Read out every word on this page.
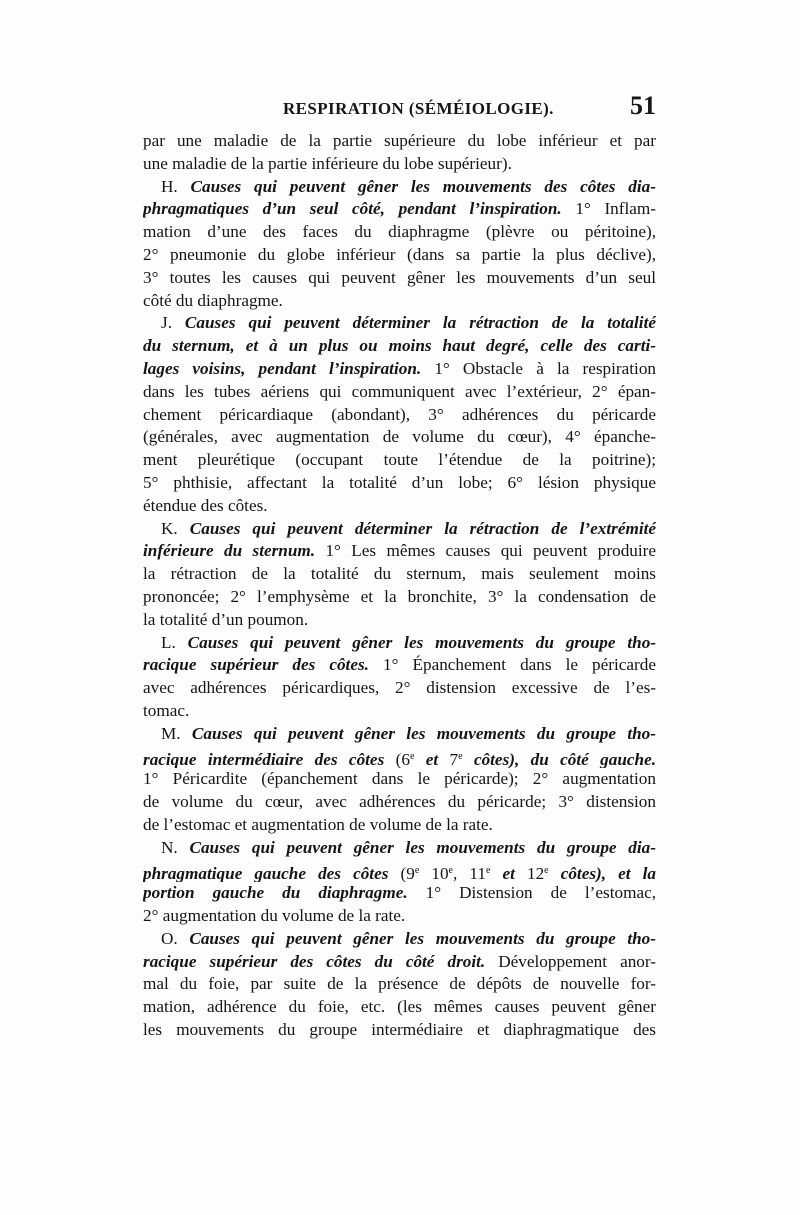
RESPIRATION (SÉMÉIOLOGIE).	51
par une maladie de la partie supérieure du lobe inférieur et par
une maladie de la partie inférieure du lobe supérieur).
H. Causes qui peuvent gêner les mouvements des côtes dia-
phragmatiques d’un seul côté, pendant l’inspiration. 1° Inflam-
mation d’une des faces du diaphragme (plèvre ou péritoine),
2° pneumonie du globe inférieur (dans sa partie la plus déclive),
3° toutes les causes qui peuvent gêner les mouvements d’un seul
côté du diaphragme.
J. Causes qui peuvent déterminer la rétraction de la totalité
du sternum, et à un plus ou moins haut degré, celle des carti-
lages voisins, pendant l’inspiration. 1° Obstacle à la respiration
dans les tubes aériens qui communiquent avec l’extérieur, 2° épan-
chement péricardiaque (abondant), 3° adhérences du péricarde
(générales, avec augmentation de volume du cœur), 4° épanche-
ment pleurétique (occupant toute l’étendue de la poitrine);
5° phthisie, affectant la totalité d’un lobe; 6° lésion physique
étendue des côtes.
K. Causes qui peuvent déterminer la rétraction de l’extrémité
inférieure du sternum. 1° Les mêmes causes qui peuvent produire
la rétraction de la totalité du sternum, mais seulement moins
prononcée; 2° l’emphysème et la bronchite, 3° la condensation de
la totalité d’un poumon.
L. Causes qui peuvent gêner les mouvements du groupe tho-
racique supérieur des côtes. 1° Épanchement dans le péricarde
avec adhérences péricardiques, 2° distension excessive de l’es-
tomac.
M. Causes qui peuvent gêner les mouvements du groupe tho-
racique intermédiaire des côtes (6e et 7e côtes), du côté gauche.
1° Péricardite (épanchement dans le péricarde); 2° augmentation
de volume du cœur, avec adhérences du péricarde; 3° distension
de l’estomac et augmentation de volume de la rate.
N. Causes qui peuvent gêner les mouvements du groupe dia-
phragmatique gauche des côtes (9e 10e, 11e et 12e côtes), et la
portion gauche du diaphragme. 1° Distension de l’estomac,
2° augmentation du volume de la rate.
O. Causes qui peuvent gêner les mouvements du groupe tho-
racique supérieur des côtes du côté droit. Développement anor-
mal du foie, par suite de la présence de dépôts de nouvelle for-
mation, adhérence du foie, etc. (les mêmes causes peuvent gêner
les mouvements du groupe intermédiaire et diaphragmatique des
